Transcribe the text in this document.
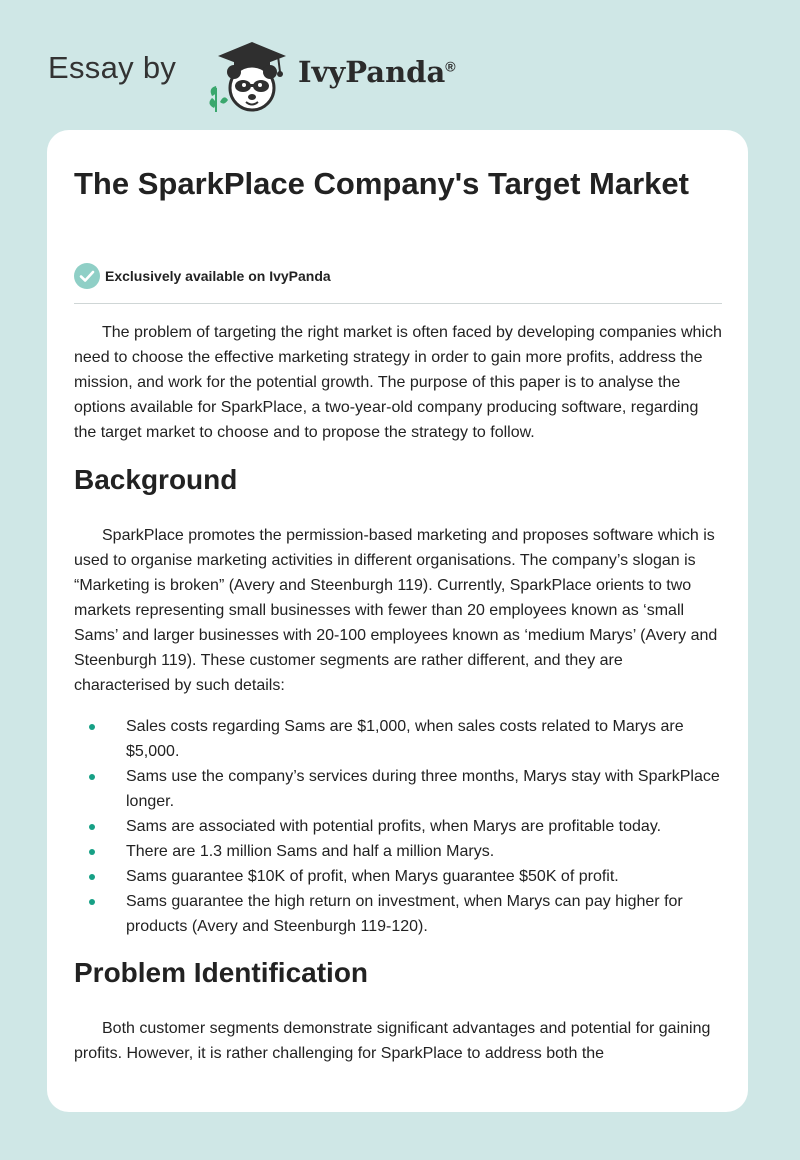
Essay by	IvyPanda®
The SparkPlace Company's Target Market
Exclusively available on IvyPanda

The problem of targeting the right market is often faced by developing companies which need to choose the effective marketing strategy in order to gain more profits, address the mission, and work for the potential growth. The purpose of this paper is to analyse the options available for SparkPlace, a two-year-old company producing software, regarding the target market to choose and to propose the strategy to follow.

Background

SparkPlace promotes the permission-based marketing and proposes software which is used to organise marketing activities in different organisations. The company’s slogan is “Marketing is broken” (Avery and Steenburgh 119). Currently, SparkPlace orients to two markets representing small businesses with fewer than 20 employees known as ‘small Sams’ and larger businesses with 20-100 employees known as ‘medium Marys’ (Avery and Steenburgh 119). These customer segments are rather different, and they are characterised by such details:

Sales costs regarding Sams are $1,000, when sales costs related to Marys are $5,000.
Sams use the company’s services during three months, Marys stay with SparkPlace longer.
Sams are associated with potential profits, when Marys are profitable today.
There are 1.3 million Sams and half a million Marys.
Sams guarantee $10K of profit, when Marys guarantee $50K of profit.
Sams guarantee the high return on investment, when Marys can pay higher for products (Avery and Steenburgh 119-120).
Problem Identification

Both customer segments demonstrate significant advantages and potential for gaining profits. However, it is rather challenging for SparkPlace to address both the
